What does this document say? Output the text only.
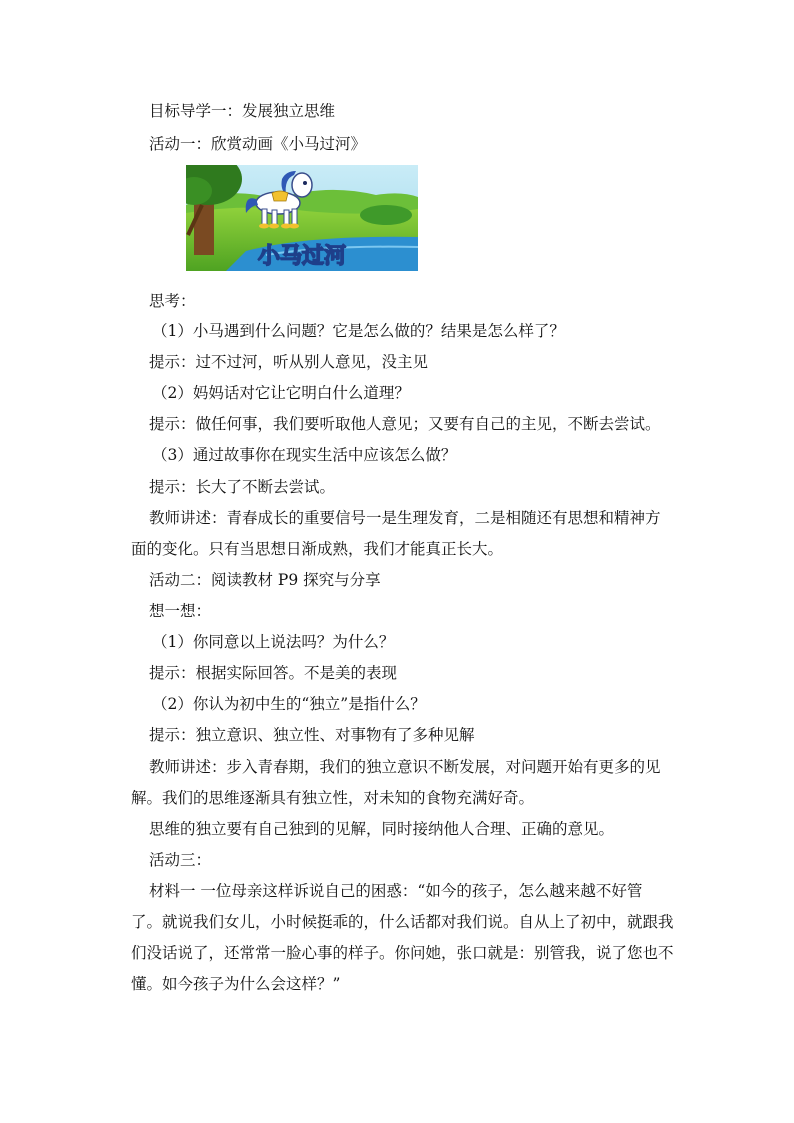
目标导学一：发展独立思维
活动一：欣赏动画《小马过河》
小马过河
思考：
（1）小马遇到什么问题？它是怎么做的？结果是怎么样了？
提示：过不过河，听从别人意见，没主见
（2）妈妈话对它让它明白什么道理？
提示：做任何事，我们要听取他人意见；又要有自己的主见，不断去尝试。
（3）通过故事你在现实生活中应该怎么做？
提示：长大了不断去尝试。
教师讲述：青春成长的重要信号一是生理发育，二是相随还有思想和精神方
面的变化。只有当思想日渐成熟，我们才能真正长大。
活动二：阅读教材 P9 探究与分享
想一想：
（1）你同意以上说法吗？为什么？
提示：根据实际回答。不是美的表现
（2）你认为初中生的“独立”是指什么？
提示：独立意识、独立性、对事物有了多种见解
教师讲述：步入青春期，我们的独立意识不断发展，对问题开始有更多的见
解。我们的思维逐渐具有独立性，对未知的食物充满好奇。
思维的独立要有自己独到的见解，同时接纳他人合理、正确的意见。
活动三：
材料一 一位母亲这样诉说自己的困惑：“如今的孩子，怎么越来越不好管
了。就说我们女儿，小时候挺乖的，什么话都对我们说。自从上了初中，就跟我
们没话说了，还常常一脸心事的样子。你问她，张口就是：别管我，说了您也不
懂。如今孩子为什么会这样？”
